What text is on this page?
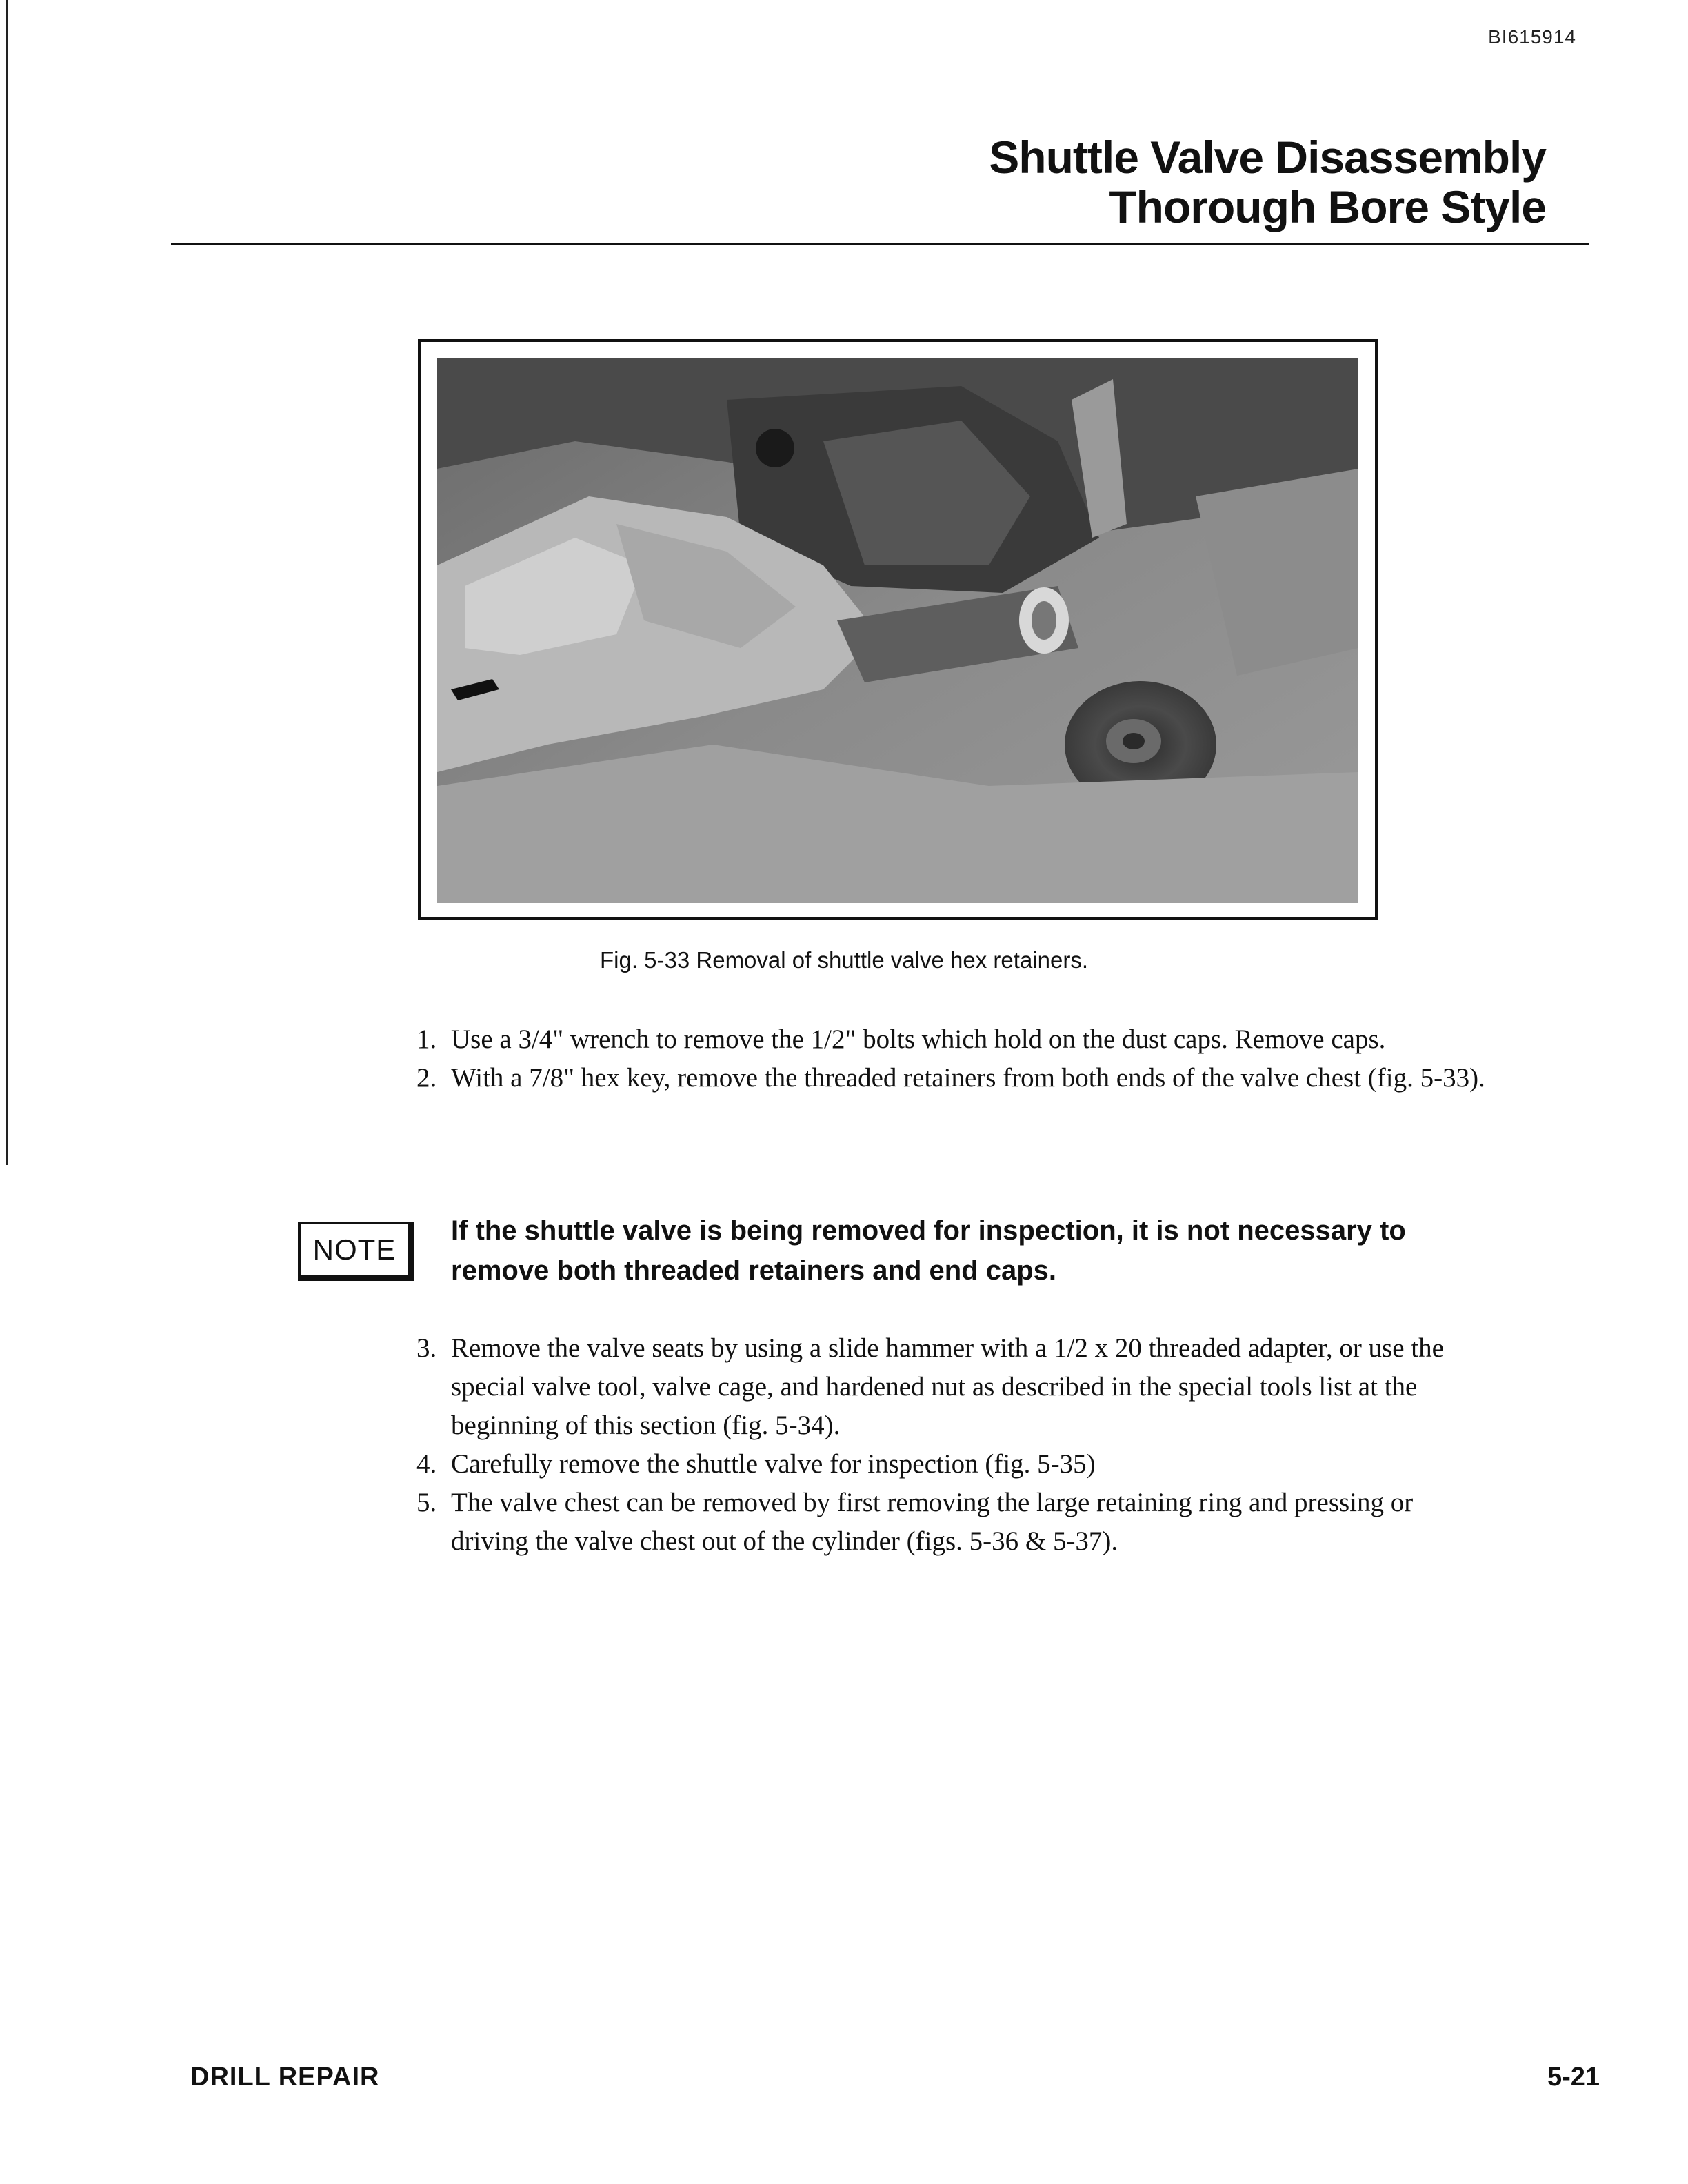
BI615914
Shuttle Valve Disassembly
Thorough Bore Style
Fig. 5-33 Removal of shuttle valve hex retainers.
1. Use a 3/4" wrench to remove the 1/2" bolts which hold on the dust caps. Remove caps.
2. With a 7/8" hex key, remove the threaded retainers from both ends of the valve chest (fig. 5-33).
NOTE
If the shuttle valve is being removed for inspection, it is not necessary to remove both threaded retainers and end caps.
3. Remove the valve seats by using a slide hammer with a 1/2 x 20 threaded adapter, or use the special valve tool, valve cage, and hardened nut as described in the special tools list at the beginning of this section (fig. 5-34).
4. Carefully remove the shuttle valve for inspection (fig. 5-35)
5. The valve chest can be removed by first removing the large retaining ring and pressing or driving the valve chest out of the cylinder (figs. 5-36 & 5-37).
DRILL REPAIR	5-21
